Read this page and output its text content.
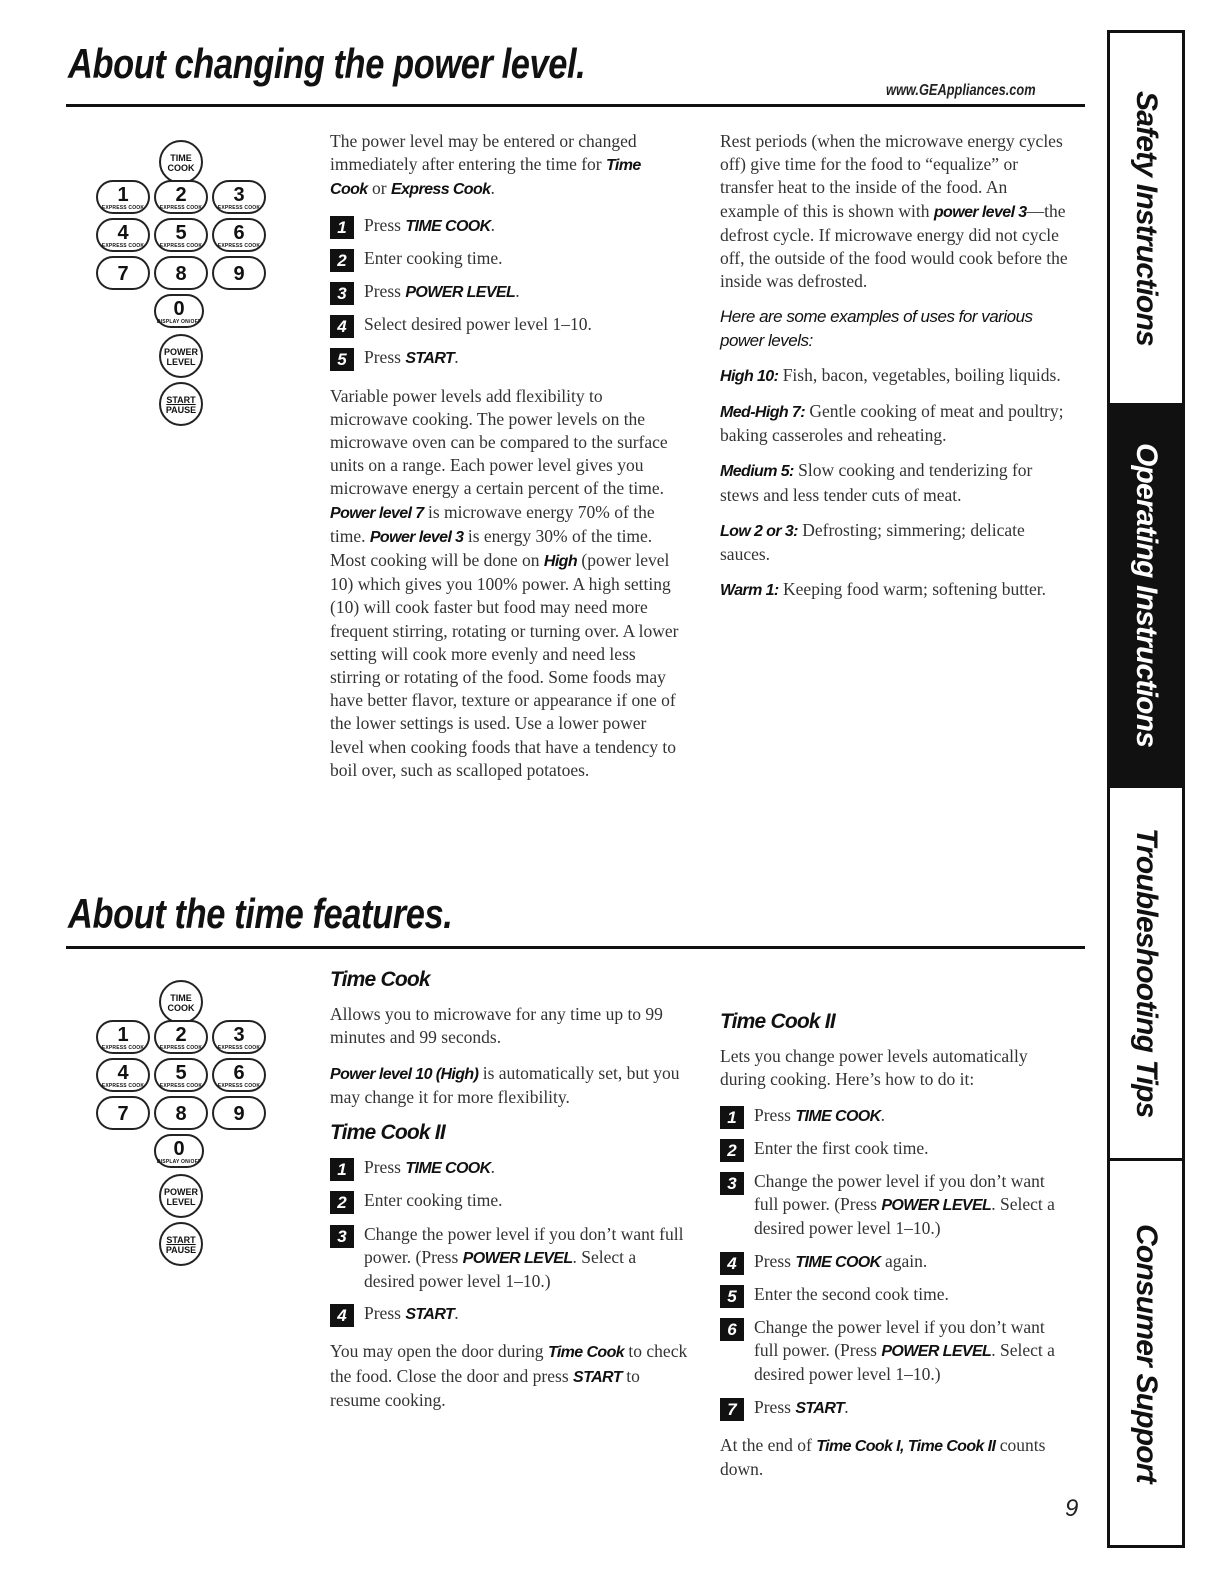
About changing the power level.
www.GEAppliances.com
TIME
COOK
1
EXPRESS COOK
2
EXPRESS COOK
3
EXPRESS COOK
4
EXPRESS COOK
5
EXPRESS COOK
6
EXPRESS COOK
7	8	9
0
DISPLAY ON/OFF
POWER
LEVEL
START
PAUSE

The power level may be entered or changed immediately after entering the time for Time Cook or Express Cook.

1 Press TIME COOK.
2 Enter cooking time.
3 Press POWER LEVEL.
4 Select desired power level 1–10.
5 Press START.

Variable power levels add flexibility to microwave cooking. The power levels on the microwave oven can be compared to the surface units on a range. Each power level gives you microwave energy a certain percent of the time. Power level 7 is microwave energy 70% of the time. Power level 3 is energy 30% of the time. Most cooking will be done on High (power level 10) which gives you 100% power. A high setting (10) will cook faster but food may need more frequent stirring, rotating or turning over. A lower setting will cook more evenly and need less stirring or rotating of the food. Some foods may have better flavor, texture or appearance if one of the lower settings is used. Use a lower power level when cooking foods that have a tendency to boil over, such as scalloped potatoes.

Rest periods (when the microwave energy cycles off) give time for the food to “equalize” or transfer heat to the inside of the food. An example of this is shown with power level 3—the defrost cycle. If microwave energy did not cycle off, the outside of the food would cook before the inside was defrosted.

Here are some examples of uses for various power levels:

High 10: Fish, bacon, vegetables, boiling liquids.

Med-High 7: Gentle cooking of meat and poultry; baking casseroles and reheating.

Medium 5: Slow cooking and tenderizing for stews and less tender cuts of meat.

Low 2 or 3: Defrosting; simmering; delicate sauces.

Warm 1: Keeping food warm; softening butter.

About the time features.
TIME
COOK
1
EXPRESS COOK
2
EXPRESS COOK
3
EXPRESS COOK
4
EXPRESS COOK
5
EXPRESS COOK
6
EXPRESS COOK
7	8	9
0
DISPLAY ON/OFF
POWER
LEVEL
START
PAUSE

Time Cook

Allows you to microwave for any time up to 99 minutes and 99 seconds.

Power level 10 (High) is automatically set, but you may change it for more flexibility.

Time Cook II

1 Press TIME COOK.
2 Enter cooking time.
3 Change the power level if you don’t want full power. (Press POWER LEVEL. Select a desired power level 1–10.)
4 Press START.

You may open the door during Time Cook to check the food. Close the door and press START to resume cooking.

Time Cook II

Lets you change power levels automatically during cooking. Here’s how to do it:

1 Press TIME COOK.
2 Enter the first cook time.
3 Change the power level if you don’t want full power. (Press POWER LEVEL. Select a desired power level 1–10.)
4 Press TIME COOK again.
5 Enter the second cook time.
6 Change the power level if you don’t want full power. (Press POWER LEVEL. Select a desired power level 1–10.)
7 Press START.

At the end of Time Cook I, Time Cook II counts down.

Safety Instructions
Operating Instructions
Troubleshooting Tips
Consumer Support
9
